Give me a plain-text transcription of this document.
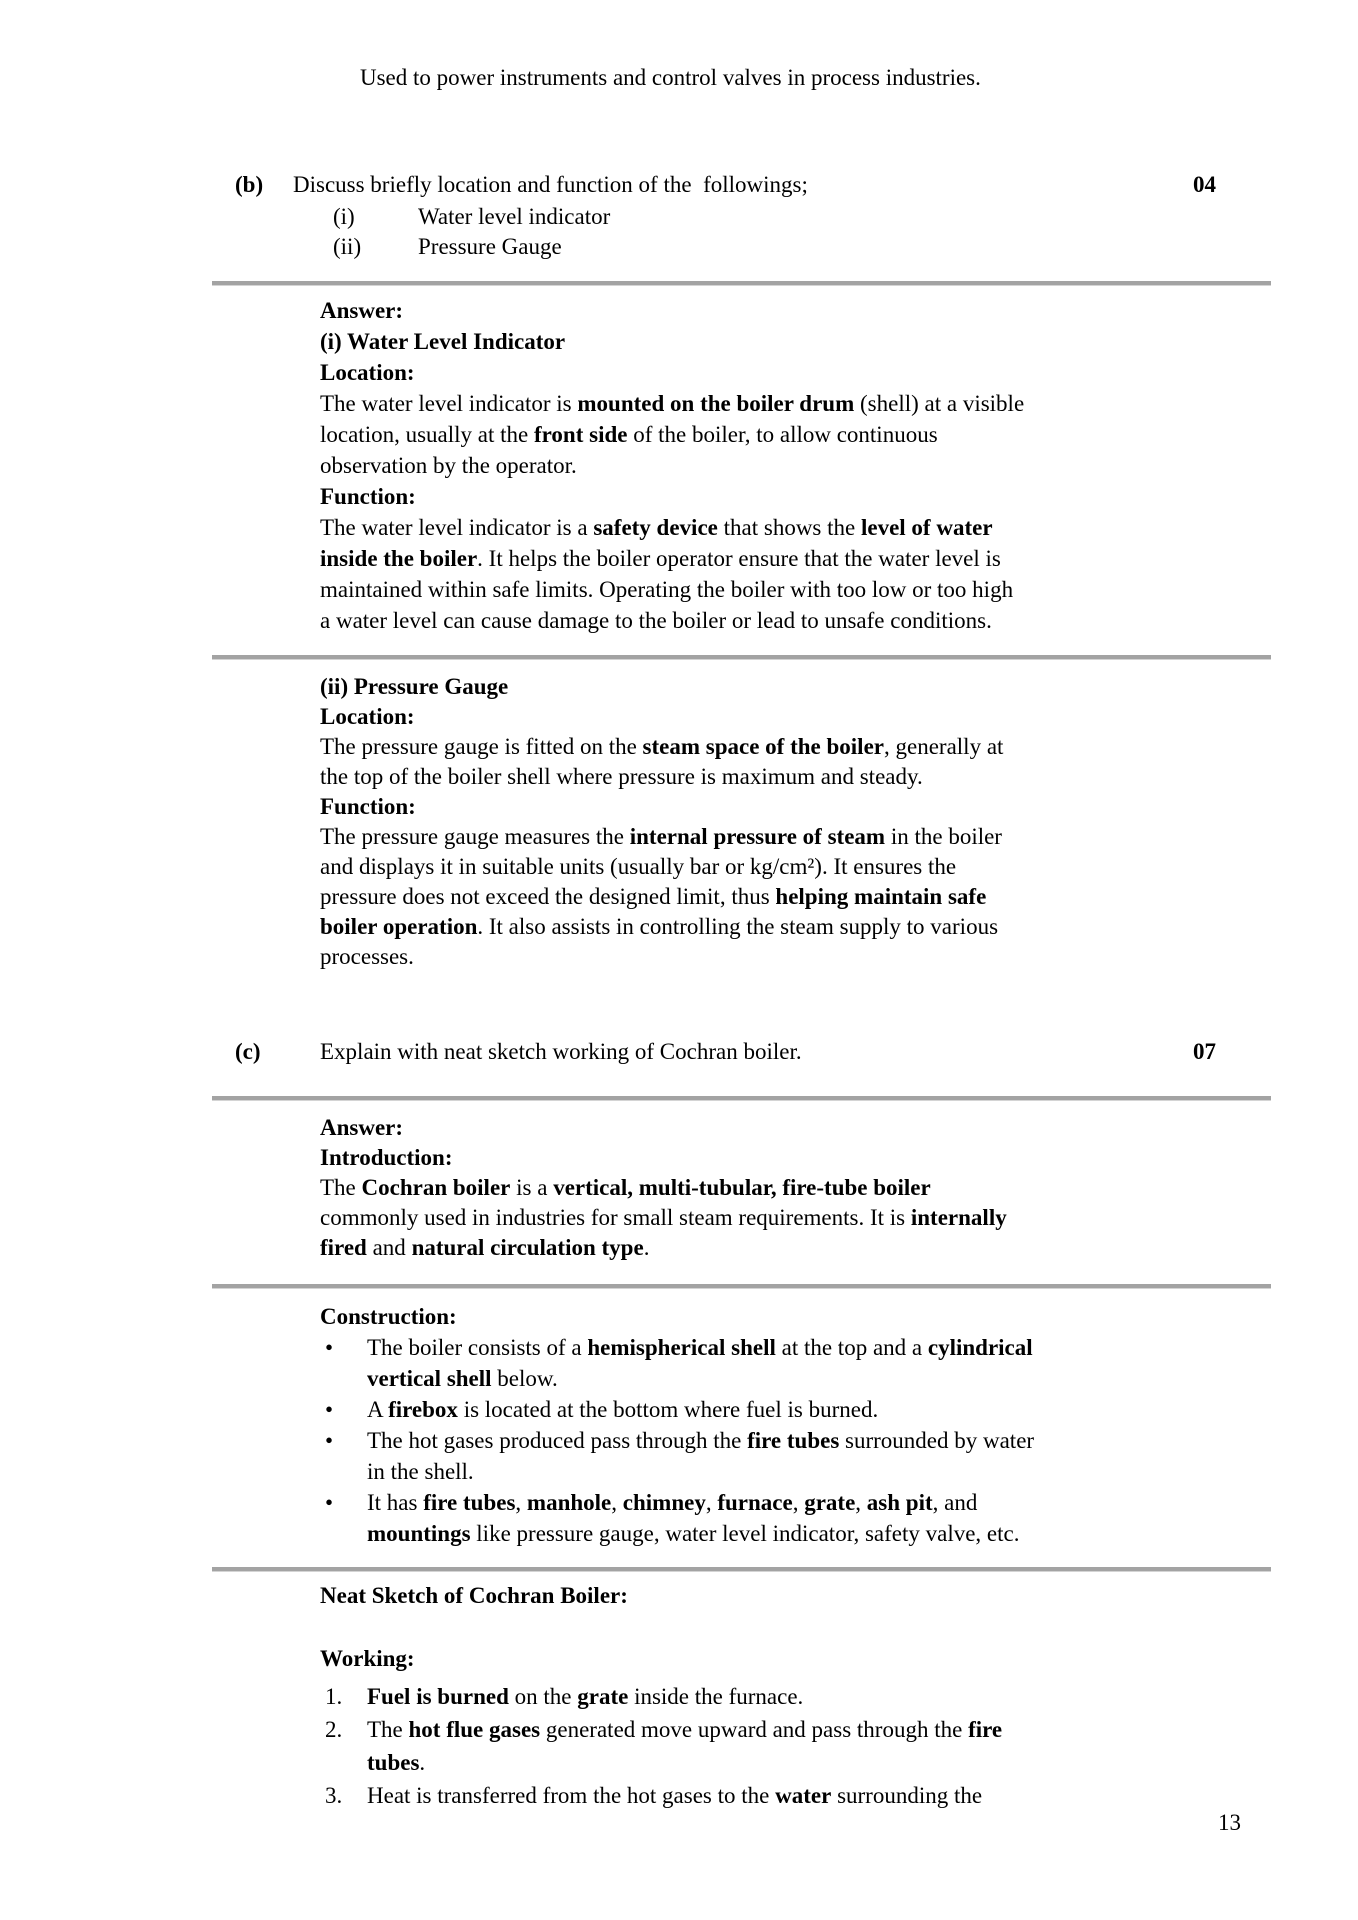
Used to power instruments and control valves in process industries.
(b) Discuss briefly location and function of the  followings;	04
(i)	Water level indicator
(ii) Pressure Gauge
Answer:
(i) Water Level Indicator
Location:
The water level indicator is mounted on the boiler drum (shell) at a visible
location, usually at the front side of the boiler, to allow continuous
observation by the operator.
Function:
The water level indicator is a safety device that shows the level of water
inside the boiler. It helps the boiler operator ensure that the water level is
maintained within safe limits. Operating the boiler with too low or too high
a water level can cause damage to the boiler or lead to unsafe conditions.
(ii) Pressure Gauge
Location:
The pressure gauge is fitted on the steam space of the boiler, generally at
the top of the boiler shell where pressure is maximum and steady.
Function:
The pressure gauge measures the internal pressure of steam in the boiler
and displays it in suitable units (usually bar or kg/cm²). It ensures the
pressure does not exceed the designed limit, thus helping maintain safe
boiler operation. It also assists in controlling the steam supply to various
processes.
(c)	Explain with neat sketch working of Cochran boiler.	07
Answer:
Introduction:
The Cochran boiler is a vertical, multi-tubular, fire-tube boiler
commonly used in industries for small steam requirements. It is internally
fired and natural circulation type.
Construction:
• The boiler consists of a hemispherical shell at the top and a cylindrical
vertical shell below.
• A firebox is located at the bottom where fuel is burned.
• The hot gases produced pass through the fire tubes surrounded by water
in the shell.
• It has fire tubes, manhole, chimney, furnace, grate, ash pit, and
mountings like pressure gauge, water level indicator, safety valve, etc.
Neat Sketch of Cochran Boiler:
Working:
1. Fuel is burned on the grate inside the furnace.
2. The hot flue gases generated move upward and pass through the fire
tubes.
3. Heat is transferred from the hot gases to the water surrounding the
13
